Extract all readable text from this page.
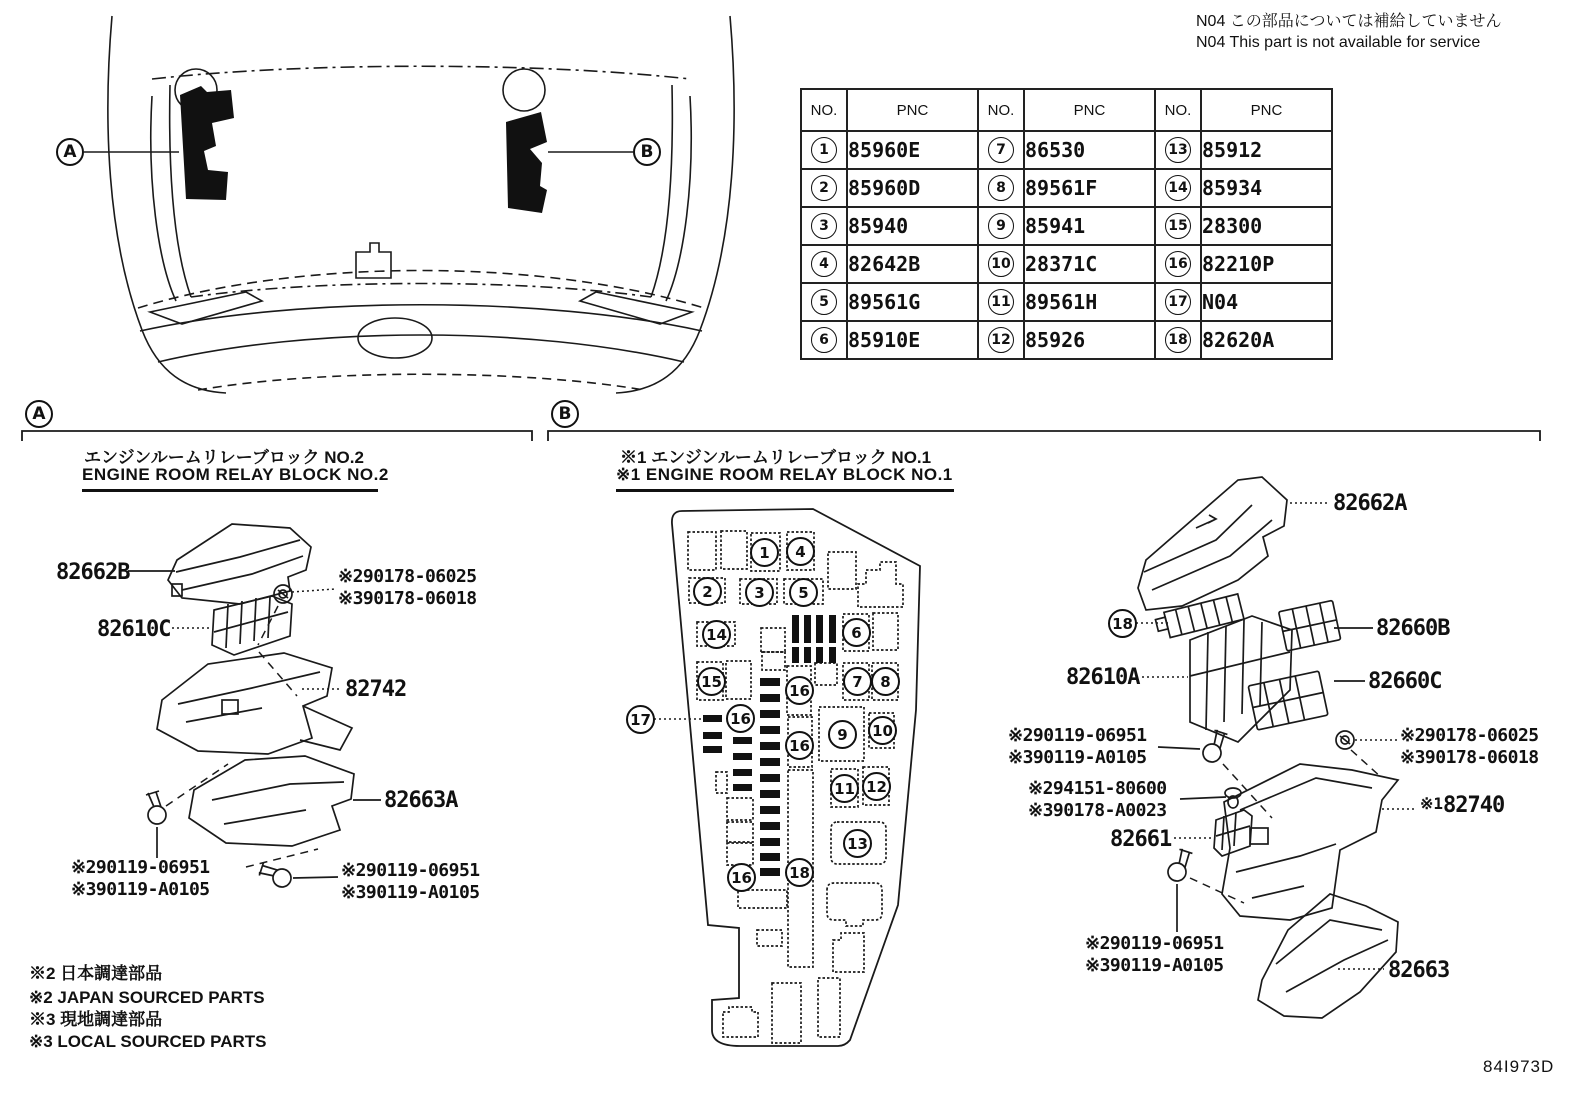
N04 この部品については補給していません
N04 This part is not available for service
NO.	PNC	NO.	PNC	NO.	PNC
1	85960E	7	86530	13	85912
2	85960D	8	89561F	14	85934
3	85940	9	85941	15	28300
4	82642B	10	28371C	16	82210P
5	89561G	11	89561H	17	N04
6	85910E	12	85926	18	82620A
A	B
A
エンジンルームリレーブロック NO.2
ENGINE ROOM RELAY BLOCK NO.2
B
※1 エンジンルームリレーブロック NO.1
※1 ENGINE ROOM RELAY BLOCK NO.1
82662B	※290178-06025
※390178-06018
82610C
82742
82663A
※290119-06951
※390119-A0105
※290119-06951
※390119-A0105
1	4
2	3	5
14	6
15	16	7	8
17	16
16
9	10
11 12
13
16 18
82662A
18	82660B
82610A	82660C
※290119-06951
※390119-A0105
※290178-06025
※390178-06018
※294151-80600
※390178-A0023
82661
※182740
※290119-06951
※390119-A0105	82663
※2 日本調達部品
※2 JAPAN SOURCED PARTS
※3 現地調達部品
※3 LOCAL SOURCED PARTS
84I973D
